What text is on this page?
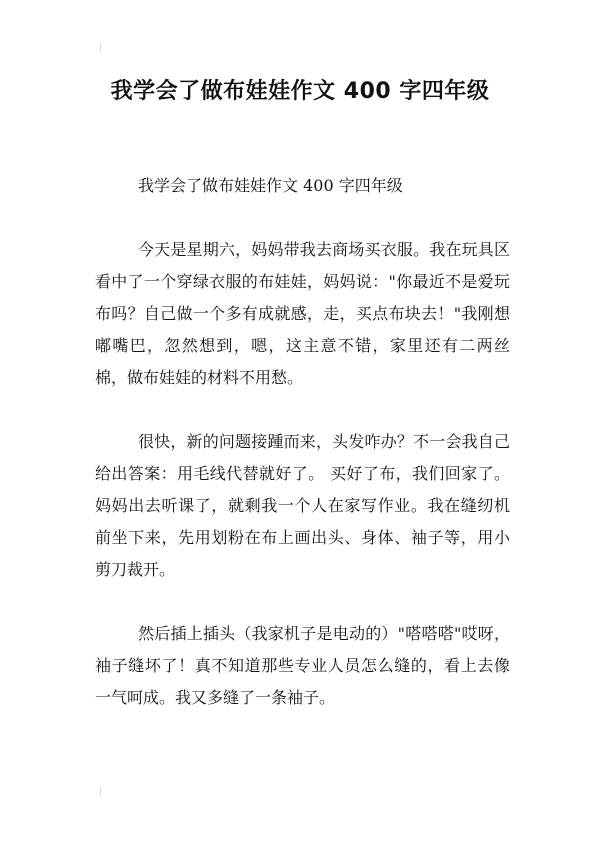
我学会了做布娃娃作文 400 字四年级

我学会了做布娃娃作文 400 字四年级

今天是星期六，妈妈带我去商场买衣服。我在玩具区看中了一个穿绿衣服的布娃娃，妈妈说："你最近不是爱玩布吗？自己做一个多有成就感，走，买点布块去！"我刚想嘟嘴巴，忽然想到，嗯，这主意不错，家里还有二两丝棉，做布娃娃的材料不用愁。

很快，新的问题接踵而来，头发咋办？不一会我自己给出答案：用毛线代替就好了。 买好了布，我们回家了。妈妈出去听课了，就剩我一个人在家写作业。我在缝纫机前坐下来，先用划粉在布上画出头、身体、袖子等，用小剪刀裁开。

然后插上插头（我家机子是电动的）"嗒嗒嗒"哎呀，袖子缝坏了！真不知道那些专业人员怎么缝的，看上去像一气呵成。我又多缝了一条袖子。
